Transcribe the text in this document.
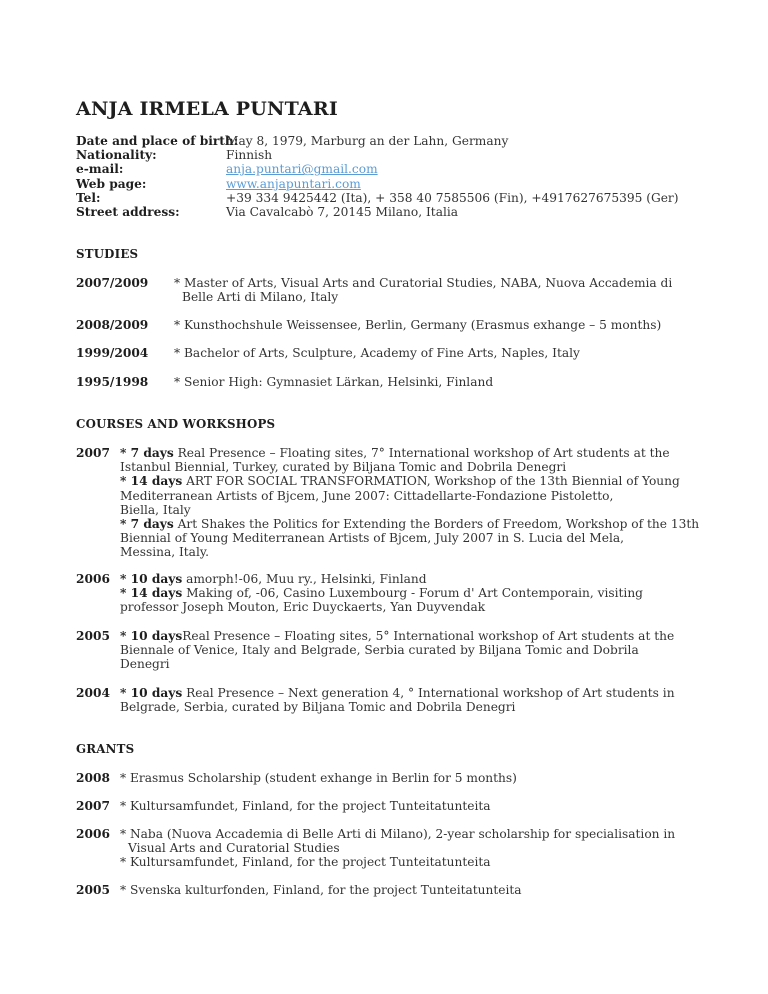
ANJA IRMELA PUNTARI
Date and place of birth:
May 8, 1979, Marburg an der Lahn, Germany
Nationality:	Finnish
e-mail:	anja.puntari@gmail.com
Web page:	www.anjapuntari.com
Tel:	+39 334 9425442 (Ita), + 358 40 7585506 (Fin), +4917627675395 (Ger)
Street address:	Via Cavalcabò 7, 20145 Milano, Italia
STUDIES
2007/2009 * Master of Arts, Visual Arts and Curatorial Studies, NABA, Nuova Accademia di
Belle Arti di Milano, Italy
2008/2009 * Kunsthochshule Weissensee, Berlin, Germany (Erasmus exhange – 5 months)
1999/2004 * Bachelor of Arts, Sculpture, Academy of Fine Arts, Naples, Italy
1995/1998 * Senior High: Gymnasiet Lärkan, Helsinki, Finland
COURSES AND WORKSHOPS
2007 * 7 days Real Presence – Floating sites, 7° International workshop of Art students at the
Istanbul Biennial, Turkey, curated by Biljana Tomic and Dobrila Denegri
* 14 days ART FOR SOCIAL TRANSFORMATION, Workshop of the 13th Biennial of Young
Mediterranean Artists of Bjcem, June 2007: Cittadellarte-Fondazione Pistoletto,
Biella, Italy
* 7 days Art Shakes the Politics for Extending the Borders of Freedom, Workshop of the 13th
Biennial of Young Mediterranean Artists of Bjcem, July 2007 in S. Lucia del Mela,
Messina, Italy.
2006 * 10 days amorph!-06, Muu ry., Helsinki, Finland
* 14 days Making of, -06, Casino Luxembourg - Forum d' Art Contemporain, visiting
professor Joseph Mouton, Eric Duyckaerts, Yan Duyvendak
2005 * 10 daysReal Presence – Floating sites, 5° International workshop of Art students at the
Biennale of Venice, Italy and Belgrade, Serbia curated by Biljana Tomic and Dobrila
Denegri
2004 * 10 days Real Presence – Next generation 4, ° International workshop of Art students in
Belgrade, Serbia, curated by Biljana Tomic and Dobrila Denegri
GRANTS
2008 * Erasmus Scholarship (student exhange in Berlin for 5 months)
2007 * Kultursamfundet, Finland, for the project Tunteitatunteita
2006 * Naba (Nuova Accademia di Belle Arti di Milano), 2-year scholarship for specialisation in
Visual Arts and Curatorial Studies
* Kultursamfundet, Finland, for the project Tunteitatunteita
2005 * Svenska kulturfonden, Finland, for the project Tunteitatunteita
